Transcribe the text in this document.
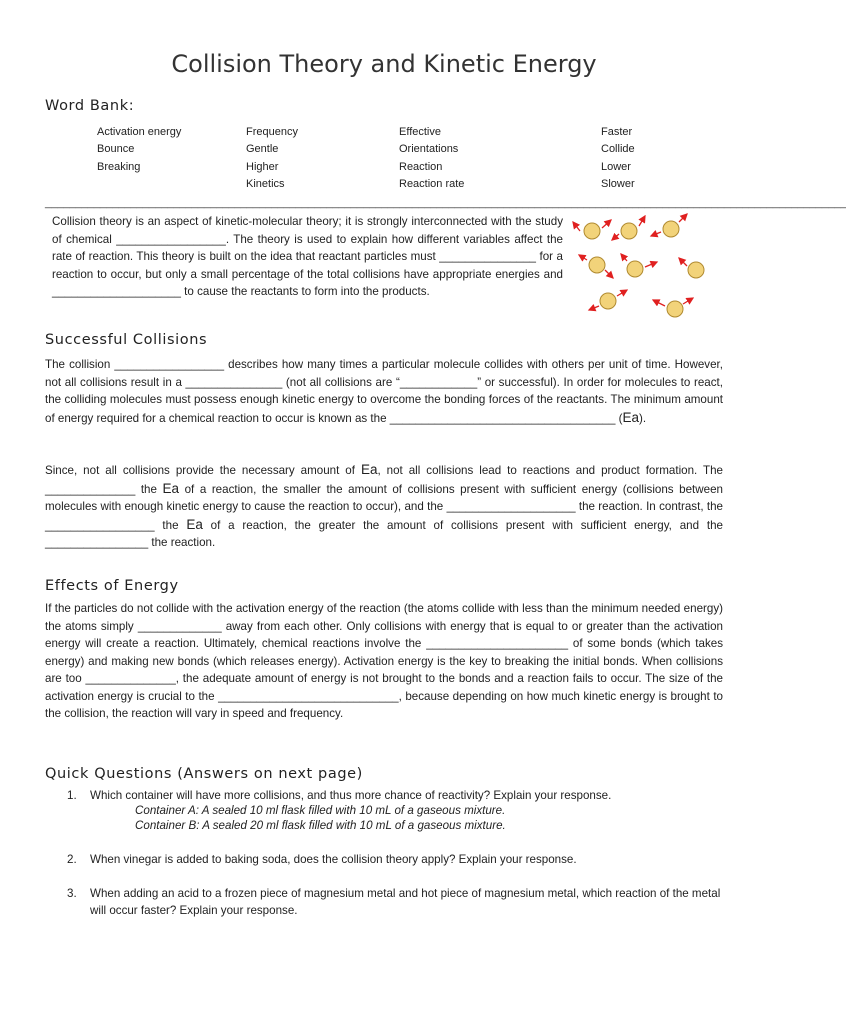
Collision Theory and Kinetic Energy
Word Bank:
Activation energy
Bounce
Breaking
Frequency
Gentle
Higher
Kinetics
Effective
Orientations
Reaction
Reaction rate
Faster
Collide
Lower
Slower
___________________________________________________________________________________________________________________________________
Collision theory is an aspect of kinetic-molecular theory; it is strongly interconnected with the study of chemical _________________. The theory is used to explain how different variables affect the rate of reaction. This theory is built on the idea that reactant particles must _______________ for a reaction to occur, but only a small percentage of the total collisions have appropriate energies and ____________________ to cause the reactants to form into the products.
Successful Collisions
The collision _________________ describes how many times a particular molecule collides with others per unit of time. However, not all collisions result in a _______________ (not all collisions are “____________” or successful). In order for molecules to react, the colliding molecules must possess enough kinetic energy to overcome the bonding forces of the reactants. The minimum amount of energy required for a chemical reaction to occur is known as the ___________________________________ (Ea).
Since, not all collisions provide the necessary amount of Ea, not all collisions lead to reactions and product formation. The ______________ the Ea of a reaction, the smaller the amount of collisions present with sufficient energy (collisions between molecules with enough kinetic energy to cause the reaction to occur), and the ____________________ the reaction. In contrast, the _________________ the Ea of a reaction, the greater the amount of collisions present with sufficient energy, and the ________________ the reaction.
Effects of Energy
If the particles do not collide with the activation energy of the reaction (the atoms collide with less than the minimum needed energy) the atoms simply _____________ away from each other. Only collisions with energy that is equal to or greater than the activation energy will create a reaction. Ultimately, chemical reactions involve the ______________________ of some bonds (which takes energy) and making new bonds (which releases energy). Activation energy is the key to breaking the initial bonds. When collisions are too ______________, the adequate amount of energy is not brought to the bonds and a reaction fails to occur. The size of the activation energy is crucial to the ____________________________, because depending on how much kinetic energy is brought to the collision, the reaction will vary in speed and frequency.
Quick Questions (Answers on next page)
1. Which container will have more collisions, and thus more chance of reactivity? Explain your response.
Container A: A sealed 10 ml flask filled with 10 mL of a gaseous mixture.
Container B: A sealed 20 ml flask filled with 10 mL of a gaseous mixture.
2. When vinegar is added to baking soda, does the collision theory apply? Explain your response.
3. When adding an acid to a frozen piece of magnesium metal and hot piece of magnesium metal, which reaction of the metal will occur faster? Explain your response.
